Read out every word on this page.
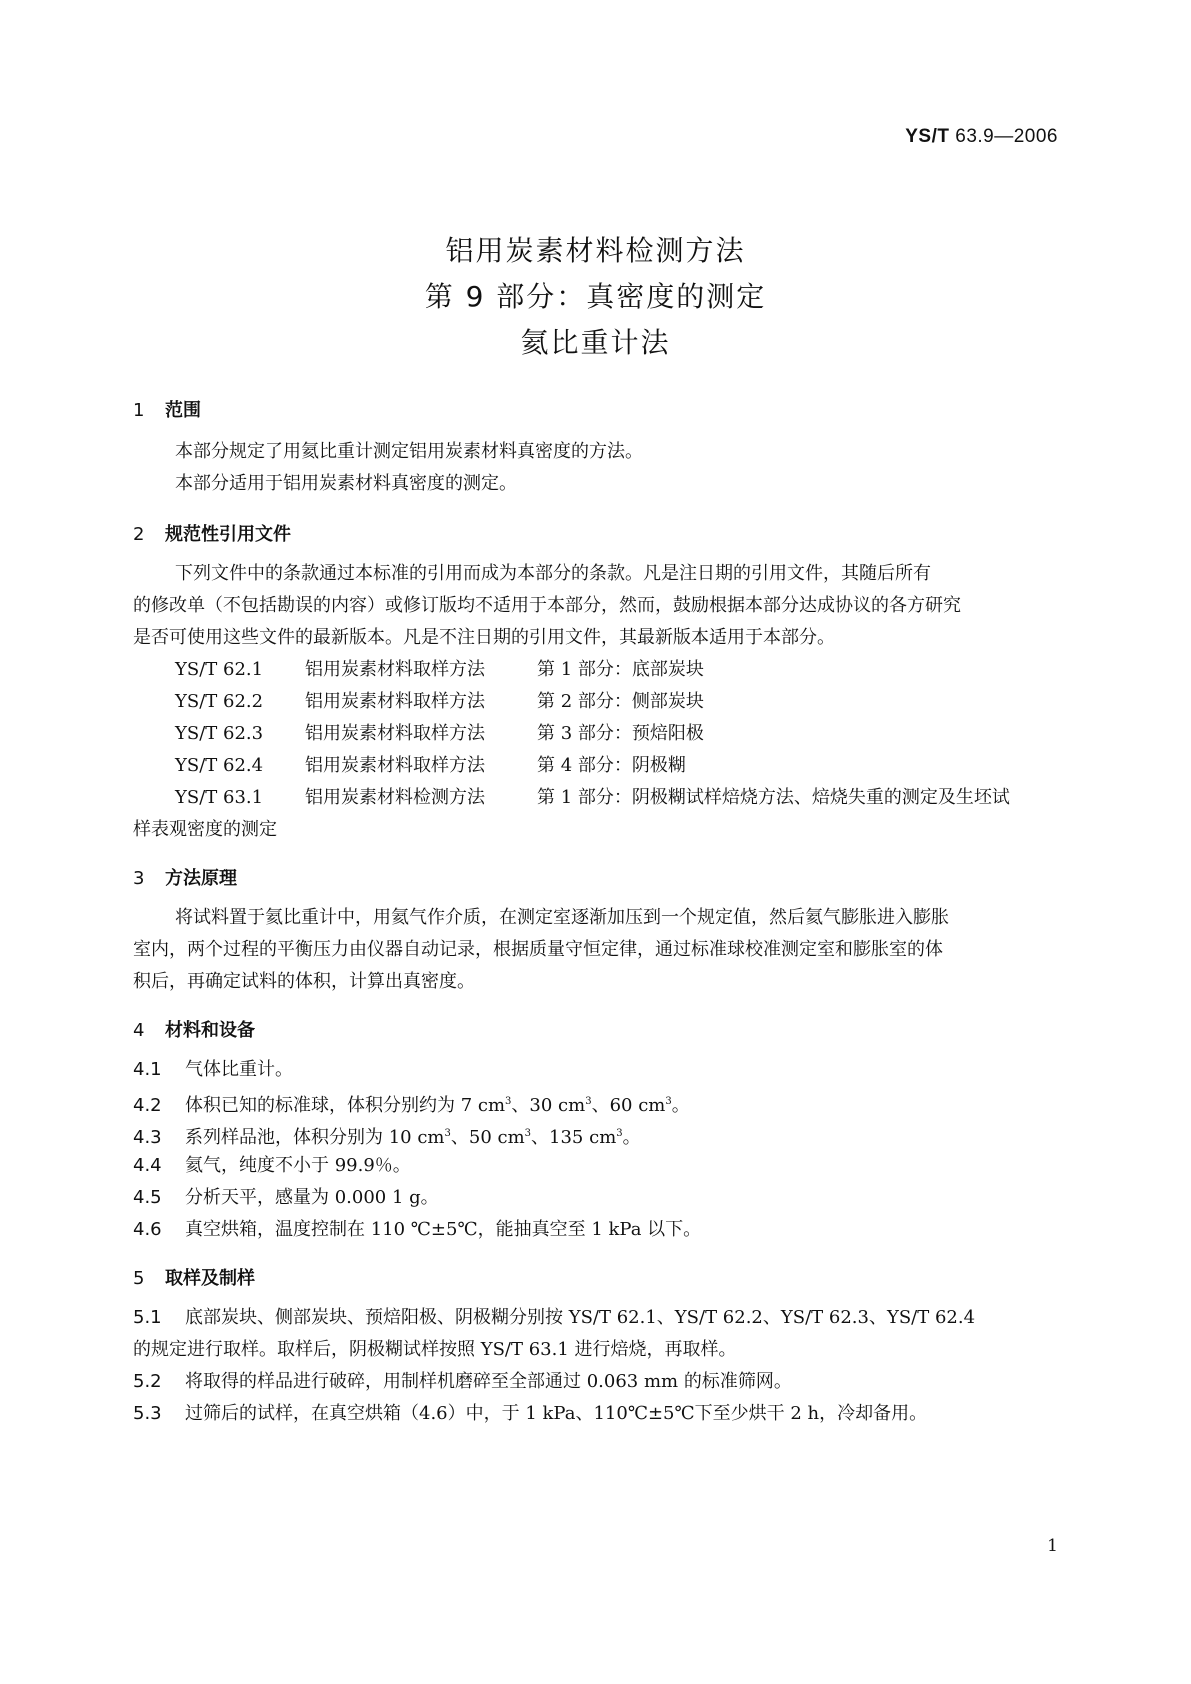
YS/T 63.9—2006
铝用炭素材料检测方法
第 9 部分：真密度的测定
氦比重计法
1 范围
本部分规定了用氦比重计测定铝用炭素材料真密度的方法。
本部分适用于铝用炭素材料真密度的测定。
2 规范性引用文件
下列文件中的条款通过本标准的引用而成为本部分的条款。凡是注日期的引用文件，其随后所有
的修改单（不包括勘误的内容）或修订版均不适用于本部分，然而，鼓励根据本部分达成协议的各方研究
是否可使用这些文件的最新版本。凡是不注日期的引用文件，其最新版本适用于本部分。
YS/T 62.1 铝用炭素材料取样方法	第 1 部分：底部炭块
YS/T 62.2 铝用炭素材料取样方法	第 2 部分：侧部炭块
YS/T 62.3 铝用炭素材料取样方法	第 3 部分：预焙阳极
YS/T 62.4 铝用炭素材料取样方法	第 4 部分：阴极糊
YS/T 63.1 铝用炭素材料检测方法	第 1 部分：阴极糊试样焙烧方法、焙烧失重的测定及生坯试
样表观密度的测定
3 方法原理
将试料置于氦比重计中，用氦气作介质，在测定室逐渐加压到一个规定值，然后氦气膨胀进入膨胀
室内，两个过程的平衡压力由仪器自动记录，根据质量守恒定律，通过标准球校准测定室和膨胀室的体
积后，再确定试料的体积，计算出真密度。
4 材料和设备
4.1 气体比重计。
4.2 体积已知的标准球，体积分别约为 7 $cm^3$、30 $cm^3$、60 $cm^3$。
4.3 系列样品池，体积分别为 10 $cm^3$、50 $cm^3$、135 $cm^3$。
4.4 氦气，纯度不小于 99.9％。
4.5 分析天平，感量为 0.000 1 g。
4.6 真空烘箱，温度控制在 110 ℃±5℃，能抽真空至 1 kPa 以下。
5 取样及制样
5.1 底部炭块、侧部炭块、预焙阳极、阴极糊分别按 YS/T 62.1、YS/T 62.2、YS/T 62.3、YS/T 62.4
的规定进行取样。取样后，阴极糊试样按照 YS/T 63.1 进行焙烧，再取样。
5.2 将取得的样品进行破碎，用制样机磨碎至全部通过 0.063 mm 的标准筛网。
5.3 过筛后的试样，在真空烘箱（4.6）中，于 1 kPa、110℃±5℃下至少烘干 2 h，冷却备用。
1
